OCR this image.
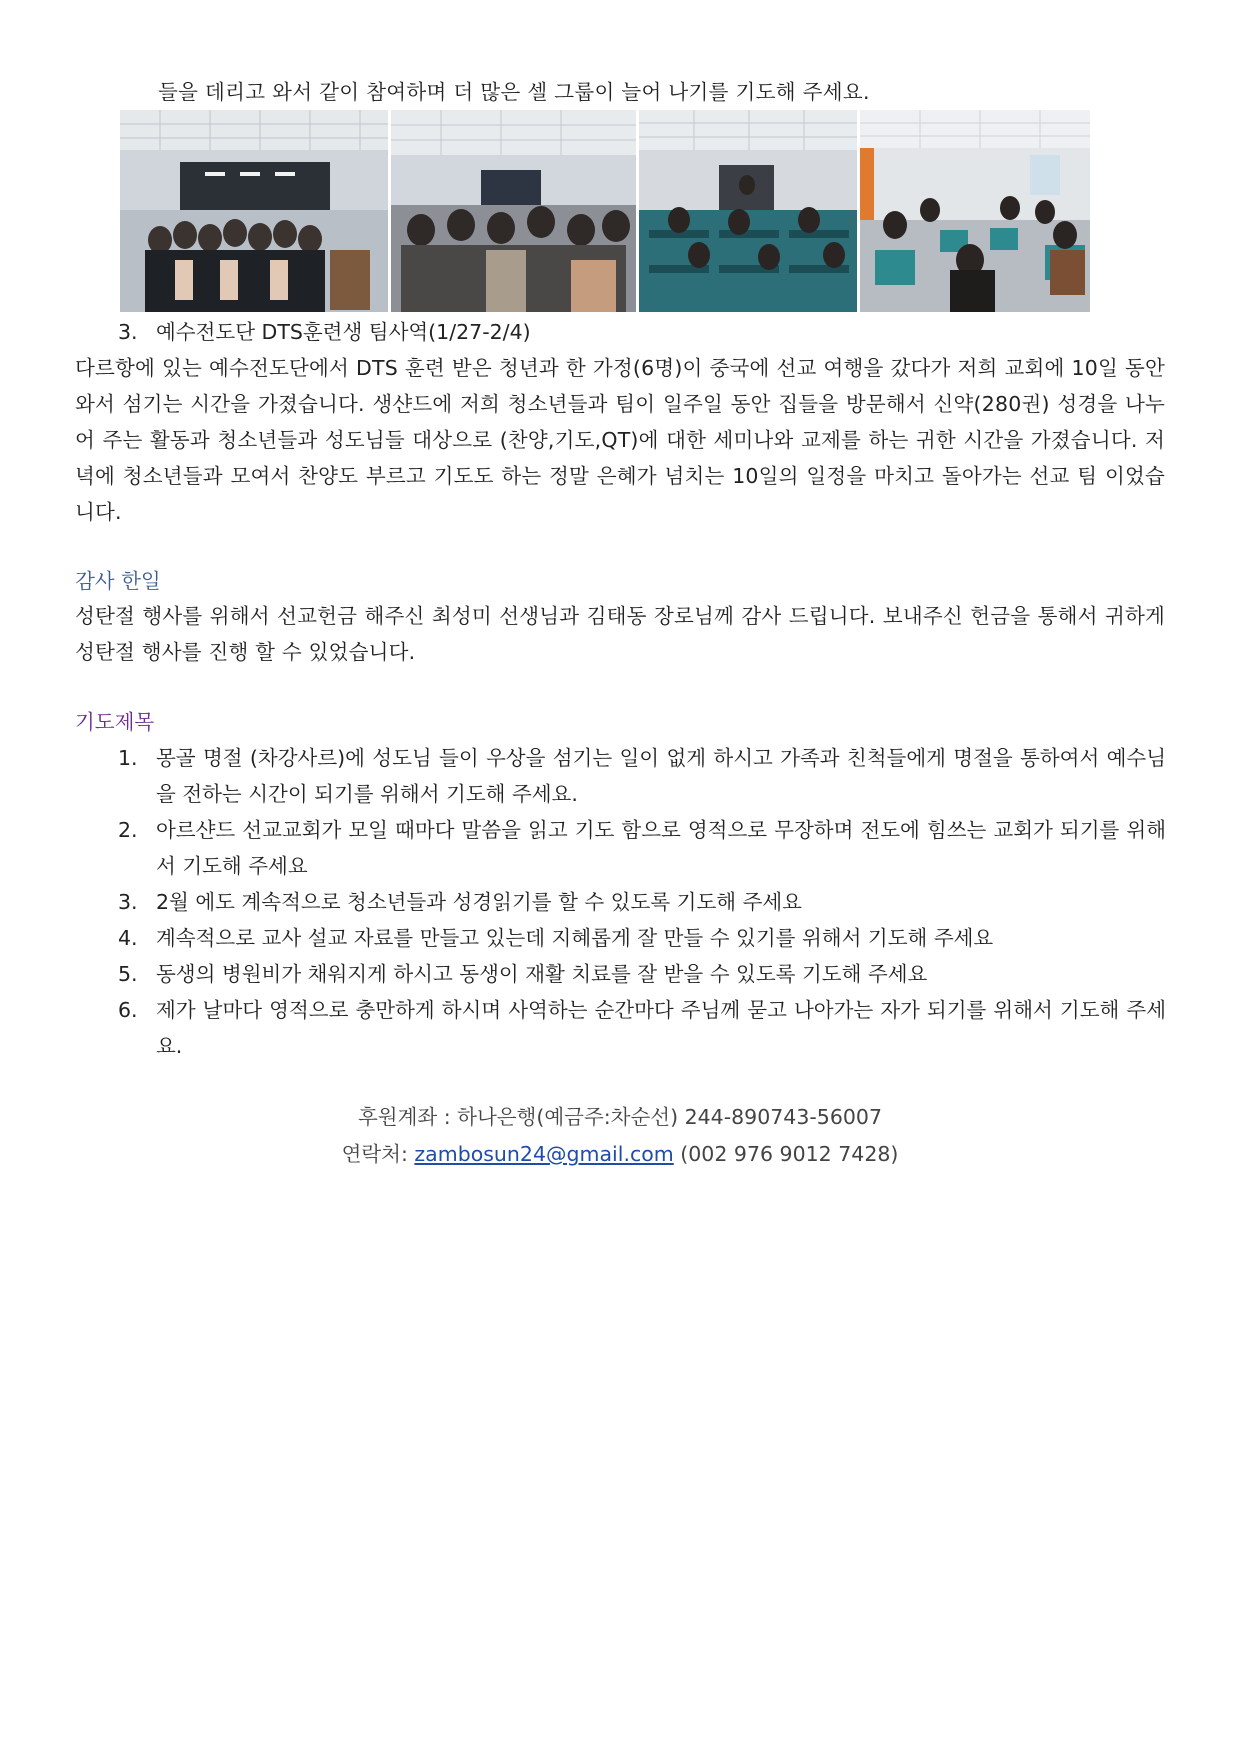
들을 데리고 와서 같이 참여하며 더 많은 셀 그룹이 늘어 나기를 기도해 주세요.

3. 예수전도단 DTS훈련생 팀사역(1/27-2/4)

다르항에 있는 예수전도단에서 DTS 훈련 받은 청년과 한 가정(6명)이 중국에 선교 여행을 갔다가 저희 교회에 10일 동안 와서 섬기는 시간을 가졌습니다. 생샨드에 저희 청소년들과 팀이 일주일 동안 집들을 방문해서 신약(280권) 성경을 나누어 주는 활동과 청소년들과 성도님들 대상으로 (찬양,기도,QT)에 대한 세미나와 교제를 하는 귀한 시간을 가졌습니다. 저녁에 청소년들과 모여서 찬양도 부르고 기도도 하는 정말 은혜가 넘치는 10일의 일정을 마치고 돌아가는 선교 팀 이었습니다.

감사 한일

성탄절 행사를 위해서 선교헌금 해주신 최성미 선생님과 김태동 장로님께 감사 드립니다. 보내주신 헌금을 통해서 귀하게 성탄절 행사를 진행 할 수 있었습니다.

기도제목

1. 몽골 명절 (차강사르)에 성도님 들이 우상을 섬기는 일이 없게 하시고 가족과 친척들에게 명절을 통하여서 예수님을 전하는 시간이 되기를 위해서 기도해 주세요.
2. 아르샨드 선교교회가 모일 때마다 말씀을 읽고 기도 함으로 영적으로 무장하며 전도에 힘쓰는 교회가 되기를 위해서 기도해 주세요
3. 2월 에도 계속적으로 청소년들과 성경읽기를 할 수 있도록 기도해 주세요
4. 계속적으로 교사 설교 자료를 만들고 있는데 지혜롭게 잘 만들 수 있기를 위해서 기도해 주세요
5. 동생의 병원비가 채워지게 하시고 동생이 재활 치료를 잘 받을 수 있도록 기도해 주세요
6. 제가 날마다 영적으로 충만하게 하시며 사역하는 순간마다 주님께 묻고 나아가는 자가 되기를 위해서 기도해 주세요.

후원계좌 : 하나은행(예금주:차순선) 244-890743-56007

연락처: zambosun24@gmail.com (002 976 9012 7428)
